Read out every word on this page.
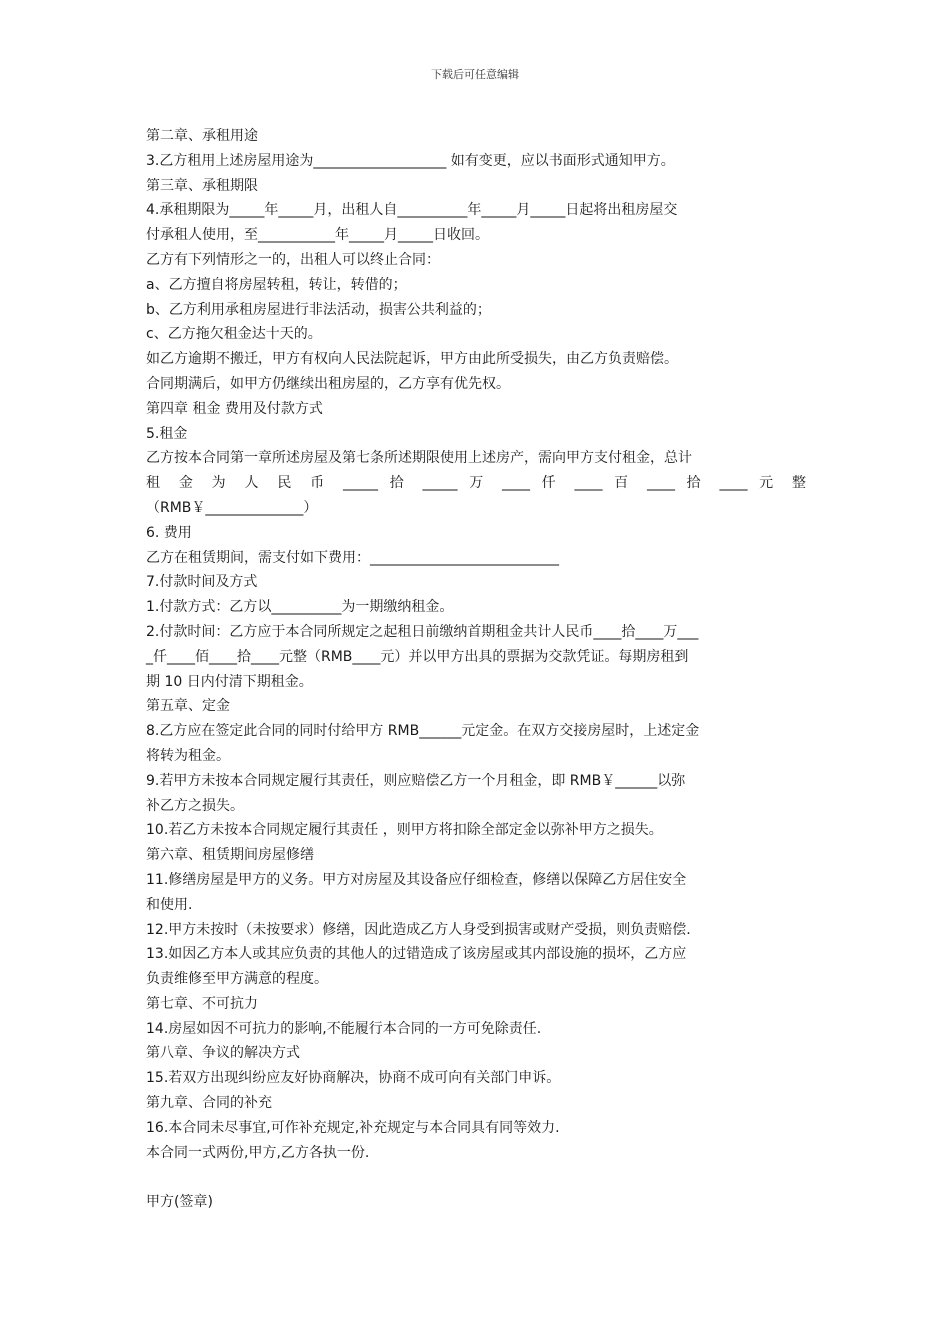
下载后可任意编辑

第二章、承租用途

3.乙方租用上述房屋用途为___________________ 如有变更，应以书面形式通知甲方。

第三章、承租期限

4.承租期限为_____年_____月，出租人自__________年_____月_____日起将出租房屋交

付承租人使用，至___________年_____月_____日收回。

乙方有下列情形之一的，出租人可以终止合同：

a、乙方擅自将房屋转租，转让，转借的；

b、乙方利用承租房屋进行非法活动，损害公共利益的；

c、乙方拖欠租金达十天的。

如乙方逾期不搬迁，甲方有权向人民法院起诉，甲方由此所受损失，由乙方负责赔偿。

合同期满后，如甲方仍继续出租房屋的，乙方享有优先权。

第四章 租金 费用及付款方式

5.租金

乙方按本合同第一章所述房屋及第七条所述期限使用上述房产，需向甲方支付租金，总计

租 金 为 人 民 币 _____ 拾 _____ 万 ____ 仟 ____ 百 ____ 拾 ____ 元 整

（RMB￥______________）

6. 费用

乙方在租赁期间，需支付如下费用：___________________________

7.付款时间及方式

1.付款方式：乙方以__________为一期缴纳租金。

2.付款时间：乙方应于本合同所规定之起租日前缴纳首期租金共计人民币____拾____万___

_仟____佰____拾____元整（RMB____元）并以甲方出具的票据为交款凭证。每期房租到

期 10 日内付清下期租金。

第五章、定金

8.乙方应在签定此合同的同时付给甲方 RMB______元定金。在双方交接房屋时，上述定金

将转为租金。

9.若甲方未按本合同规定履行其责任，则应赔偿乙方一个月租金，即 RMB￥______以弥

补乙方之损失。

10.若乙方未按本合同规定履行其责任 ，则甲方将扣除全部定金以弥补甲方之损失。

第六章、租赁期间房屋修缮

11.修缮房屋是甲方的义务。甲方对房屋及其设备应仔细检查，修缮以保障乙方居住安全

和使用.

12.甲方未按时（未按要求）修缮，因此造成乙方人身受到损害或财产受损，则负责赔偿.

13.如因乙方本人或其应负责的其他人的过错造成了该房屋或其内部设施的损坏，乙方应

负责维修至甲方满意的程度。

第七章、不可抗力

14.房屋如因不可抗力的影响,不能履行本合同的一方可免除责任.

第八章、争议的解决方式

15.若双方出现纠纷应友好协商解决，协商不成可向有关部门申诉。

第九章、合同的补充

16.本合同未尽事宜,可作补充规定,补充规定与本合同具有同等效力.

本合同一式两份,甲方,乙方各执一份.

甲方(签章)
